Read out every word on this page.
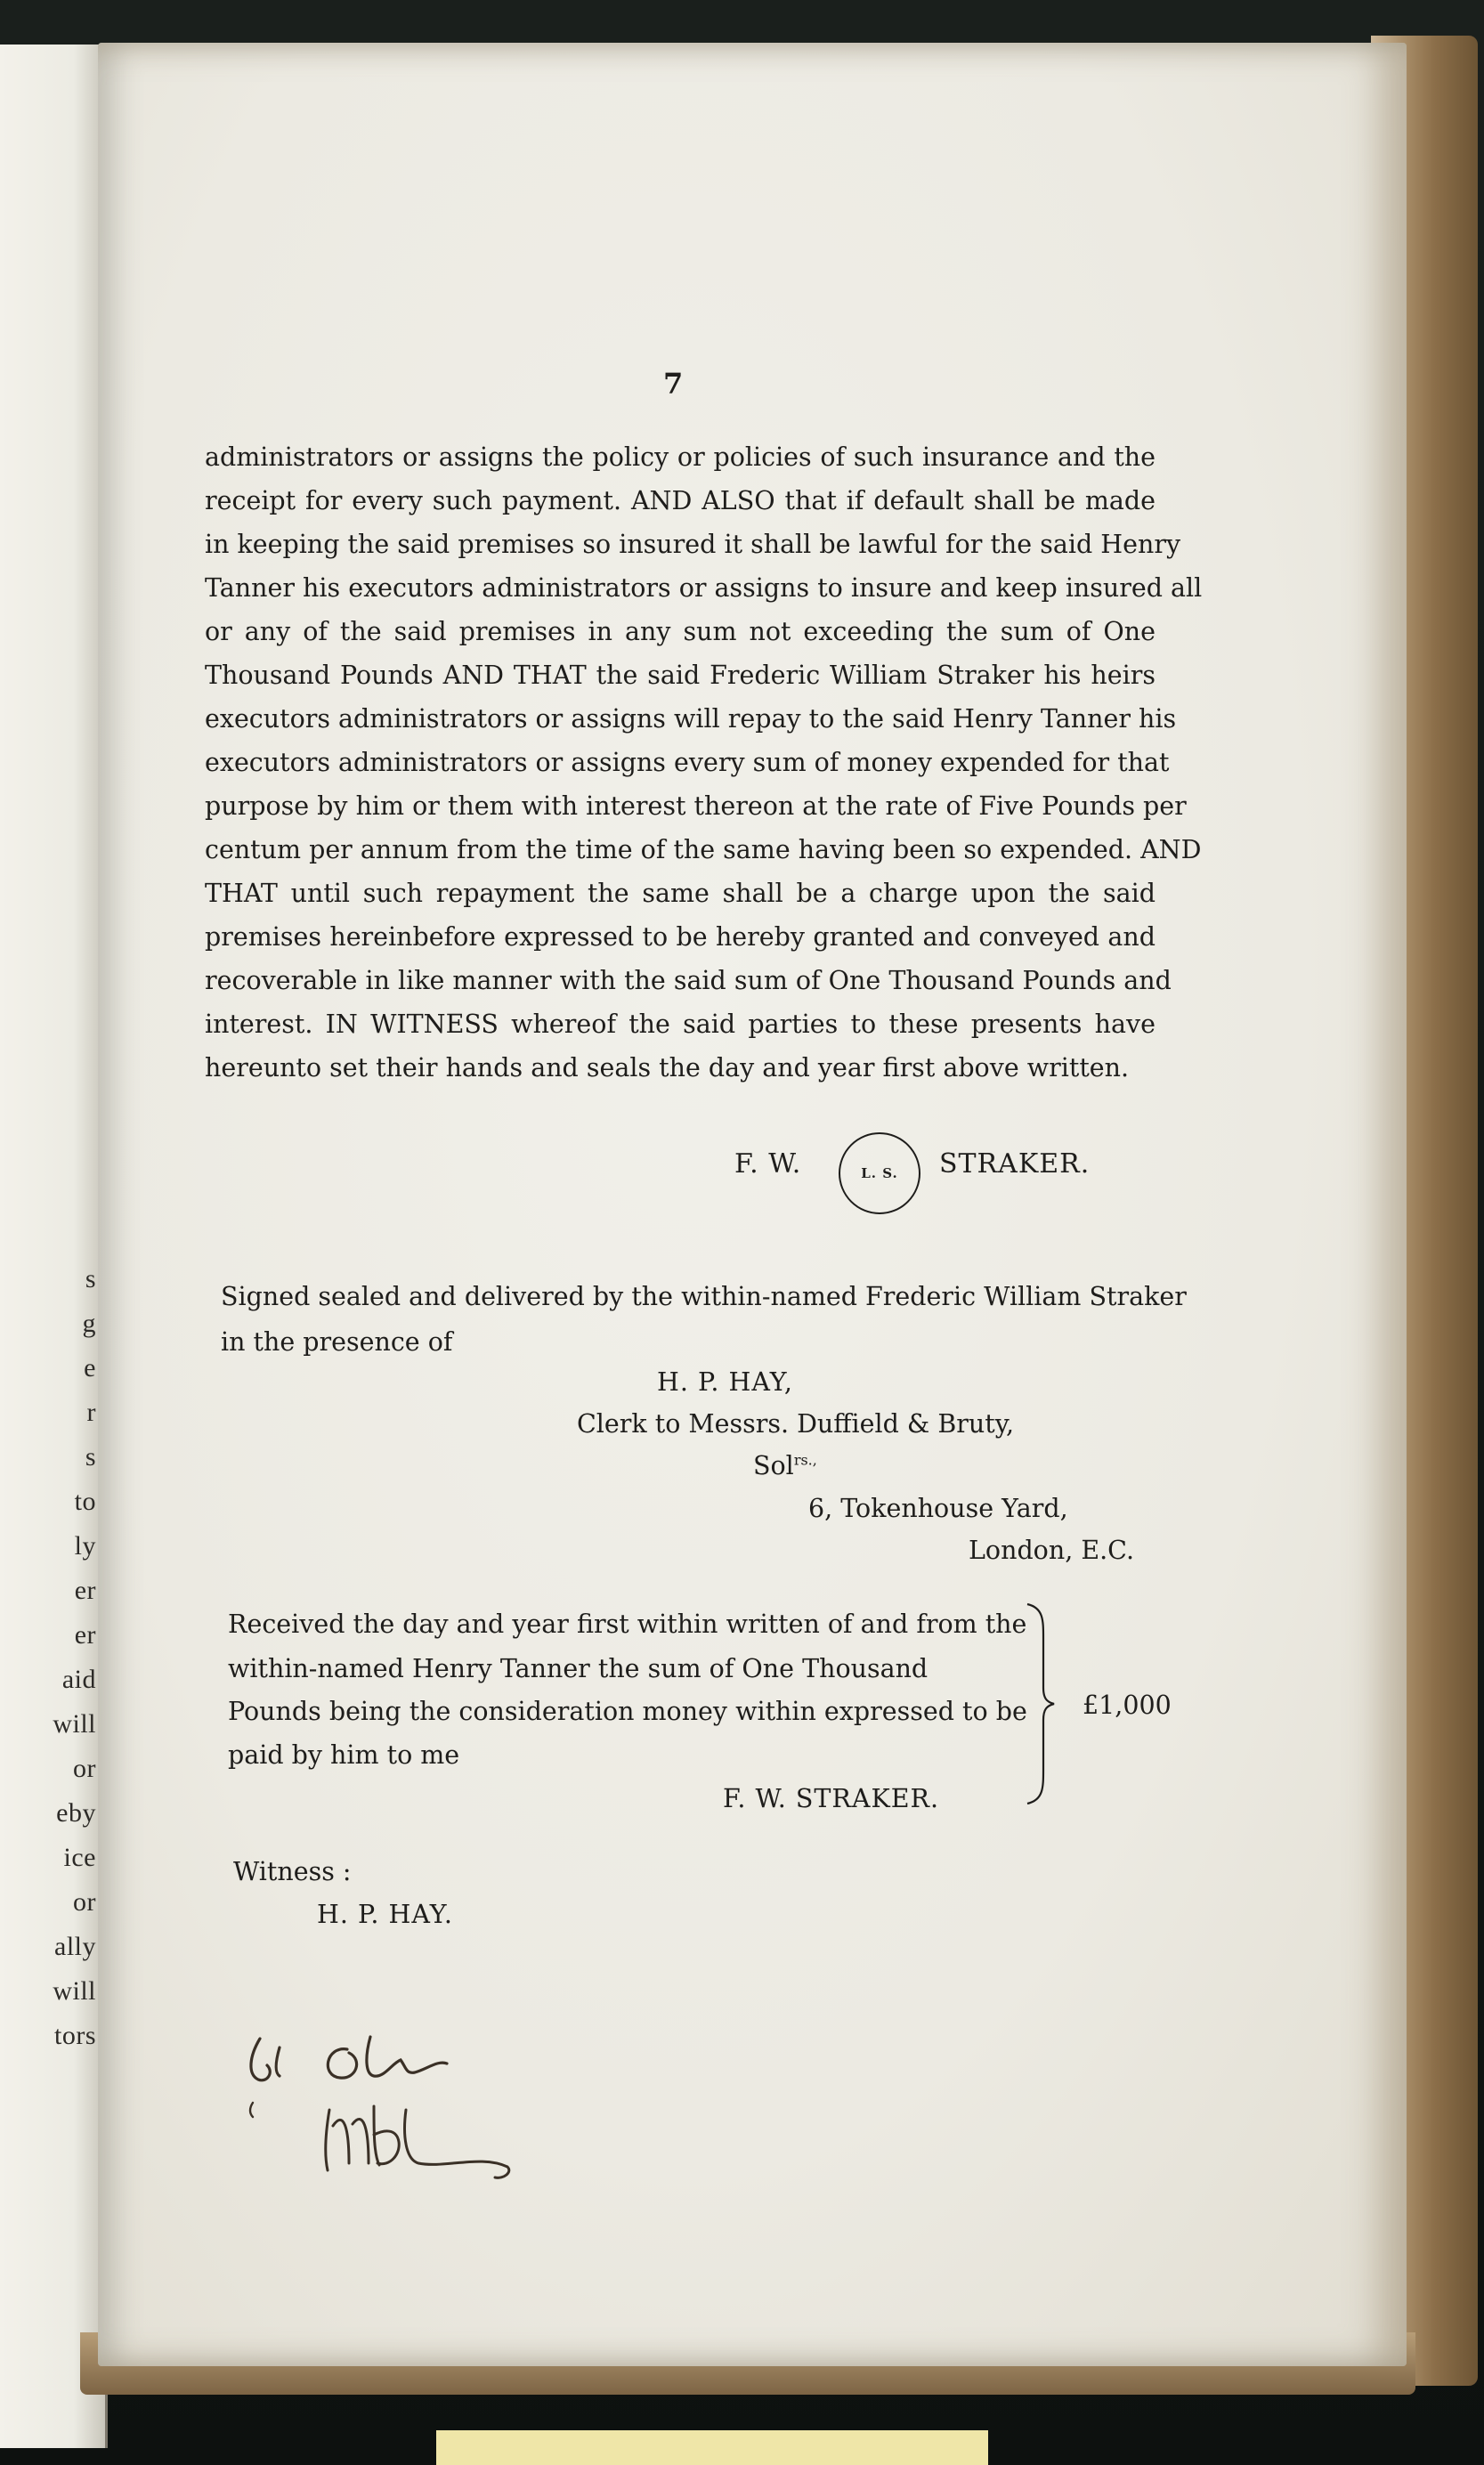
s
g
e
r
s
to
ly
er
er
aid
will
or
eby
ice
or
ally
will
tors
7
administrators or assigns the policy or policies of such insurance and the
receipt for every such payment. AND ALSO that if default shall be made
in keeping the said premises so insured it shall be lawful for the said Henry
Tanner his executors administrators or assigns to insure and keep insured all
or any of the said premises in any sum not exceeding the sum of One
Thousand Pounds AND THAT the said Frederic William Straker his heirs
executors administrators or assigns will repay to the said Henry Tanner his
executors administrators or assigns every sum of money expended for that
purpose by him or them with interest thereon at the rate of Five Pounds per
centum per annum from the time of the same having been so expended. AND
THAT until such repayment the same shall be a charge upon the said
premises hereinbefore expressed to be hereby granted and conveyed and
recoverable in like manner with the said sum of One Thousand Pounds and
interest. IN WITNESS whereof the said parties to these presents have
hereunto set their hands and seals the day and year first above written.
F. W.	L. S. STRAKER.
Signed sealed and delivered by the within-named Frederic William Straker
in the presence of
H. P. HAY,
Clerk to Messrs. Duffield & Bruty,
Sol$^{rs.,}$
6, Tokenhouse Yard,
London, E.C.
Received the day and year first within written of and from the
within-named Henry Tanner the sum of One Thousand
Pounds being the consideration money within expressed to be
paid by him to me
F. W. STRAKER.
£1,000
Witness :
H. P. HAY.
